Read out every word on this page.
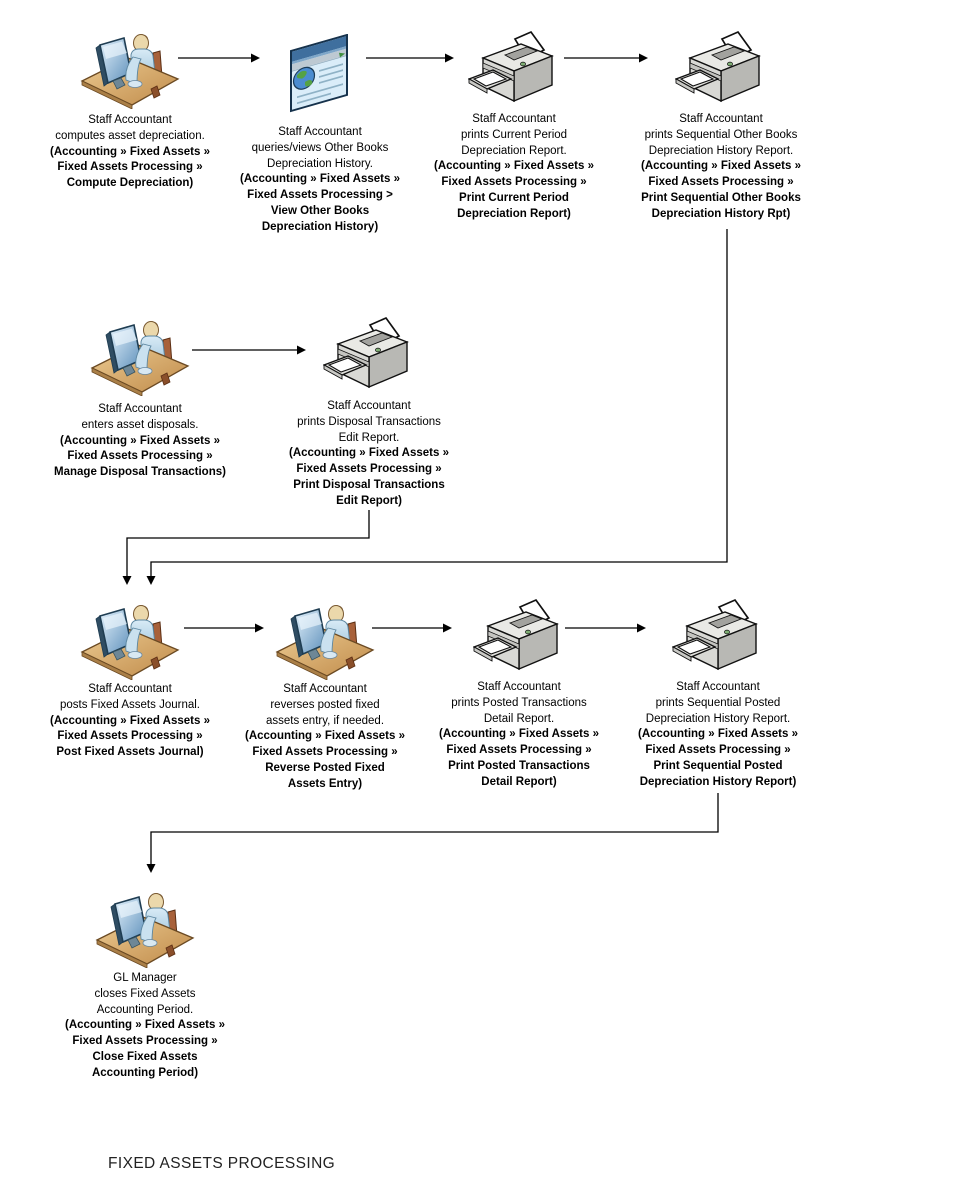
FIXED ASSETS PROCESSING
Staff Accountant
computes asset depreciation.
(Accounting » Fixed Assets »
Fixed Assets Processing »
Compute Depreciation)
Staff Accountant
queries/views Other Books
Depreciation History.
(Accounting » Fixed Assets »
Fixed Assets Processing >
View Other Books
Depreciation History)
Staff Accountant
prints Current Period
Depreciation Report.
(Accounting » Fixed Assets »
Fixed Assets Processing »
Print Current Period
Depreciation Report)
Staff Accountant
prints Sequential Other Books
Depreciation History Report.
(Accounting » Fixed Assets »
Fixed Assets Processing »
Print Sequential Other Books
Depreciation History Rpt)
Staff Accountant
enters asset disposals.
(Accounting » Fixed Assets »
Fixed Assets Processing »
Manage Disposal Transactions)
Staff Accountant
prints Disposal Transactions
Edit Report.
(Accounting » Fixed Assets »
Fixed Assets Processing »
Print Disposal Transactions
Edit Report)
Staff Accountant
posts Fixed Assets Journal.
(Accounting » Fixed Assets »
Fixed Assets Processing »
Post Fixed Assets Journal)
Staff Accountant
reverses posted fixed
assets entry, if needed.
(Accounting » Fixed Assets »
Fixed Assets Processing »
Reverse Posted Fixed
Assets Entry)
Staff Accountant
prints Posted Transactions
Detail Report.
(Accounting » Fixed Assets »
Fixed Assets Processing »
Print Posted Transactions
Detail Report)
Staff Accountant
prints Sequential Posted
Depreciation History Report.
(Accounting » Fixed Assets »
Fixed Assets Processing »
Print Sequential Posted
Depreciation History Report)
GL Manager
closes Fixed Assets
Accounting Period.
(Accounting » Fixed Assets »
Fixed Assets Processing »
Close Fixed Assets
Accounting Period)
